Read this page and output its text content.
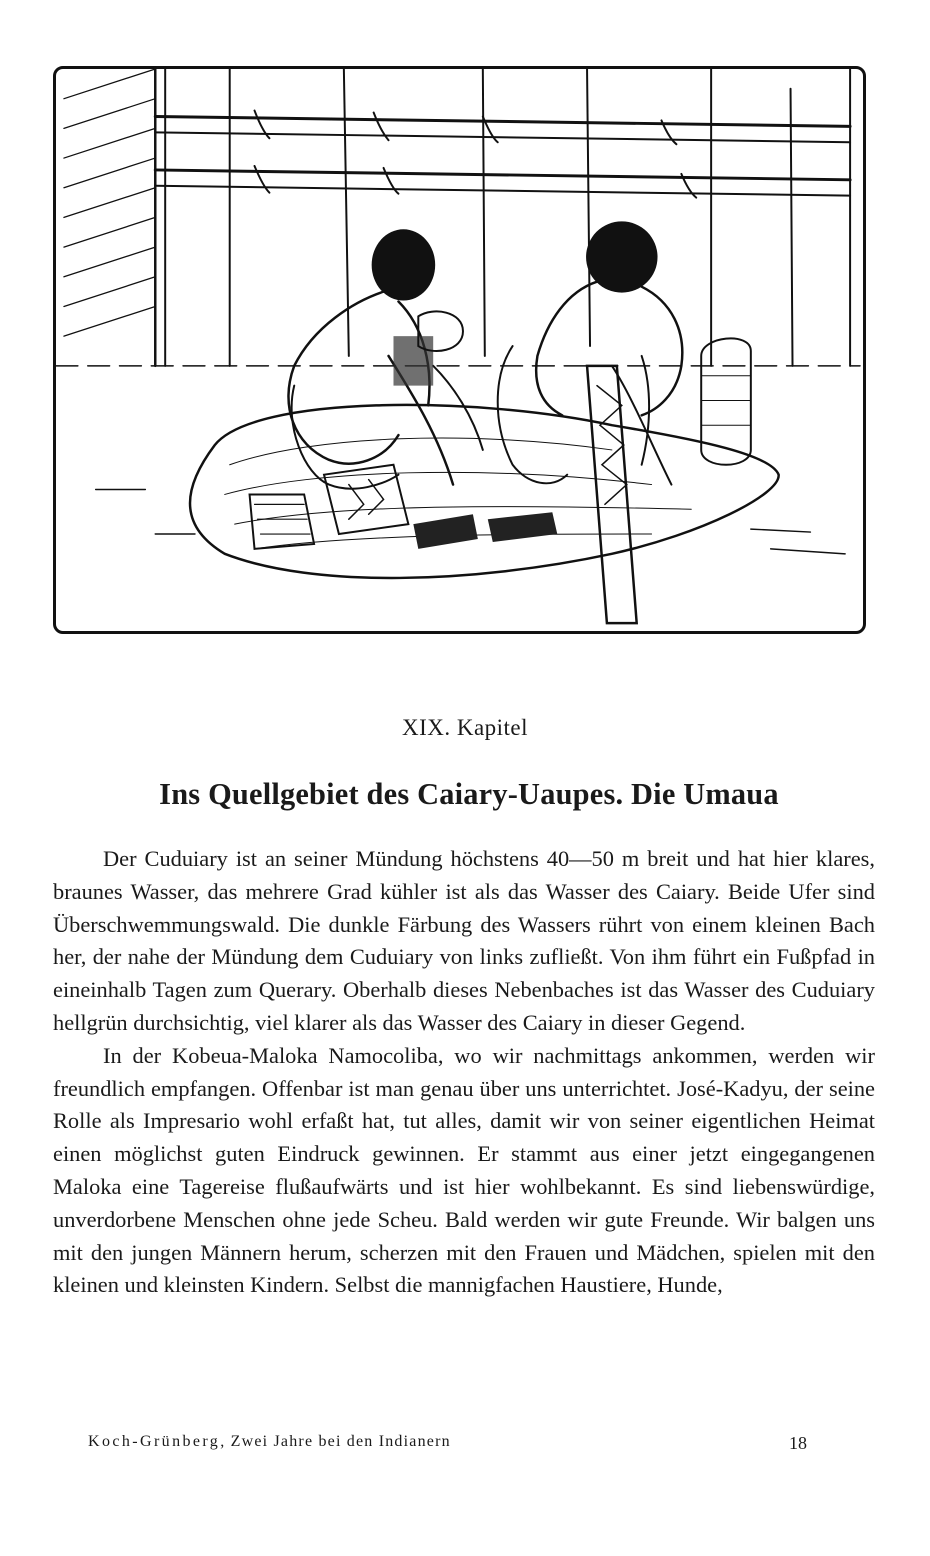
XIX. Kapitel
Ins Quellgebiet des Caiary-Uaupes. Die Umaua

Der Cuduiary ist an seiner Mündung höchstens 40—50 m breit und hat hier klares, braunes Wasser, das mehrere Grad kühler ist als das Wasser des Caiary. Beide Ufer sind Überschwemmungswald. Die dunkle Färbung des Wassers rührt von einem kleinen Bach her, der nahe der Mündung dem Cuduiary von links zufließt. Von ihm führt ein Fußpfad in eineinhalb Tagen zum Querary. Oberhalb dieses Nebenbaches ist das Wasser des Cuduiary hellgrün durchsichtig, viel klarer als das Wasser des Caiary in dieser Gegend.

In der Kobeua-Maloka Namocoliba, wo wir nachmittags ankommen, werden wir freundlich empfangen. Offenbar ist man genau über uns unterrichtet. José-Kadyu, der seine Rolle als Impresario wohl erfaßt hat, tut alles, damit wir von seiner eigentlichen Heimat einen möglichst guten Eindruck gewinnen. Er stammt aus einer jetzt eingegangenen Maloka eine Tagereise flußaufwärts und ist hier wohlbekannt. Es sind liebenswürdige, unverdorbene Menschen ohne jede Scheu. Bald werden wir gute Freunde. Wir balgen uns mit den jungen Männern herum, scherzen mit den Frauen und Mädchen, spielen mit den kleinen und kleinsten Kindern. Selbst die mannigfachen Haustiere, Hunde,

Koch-Grünberg, Zwei Jahre bei den Indianern	18
